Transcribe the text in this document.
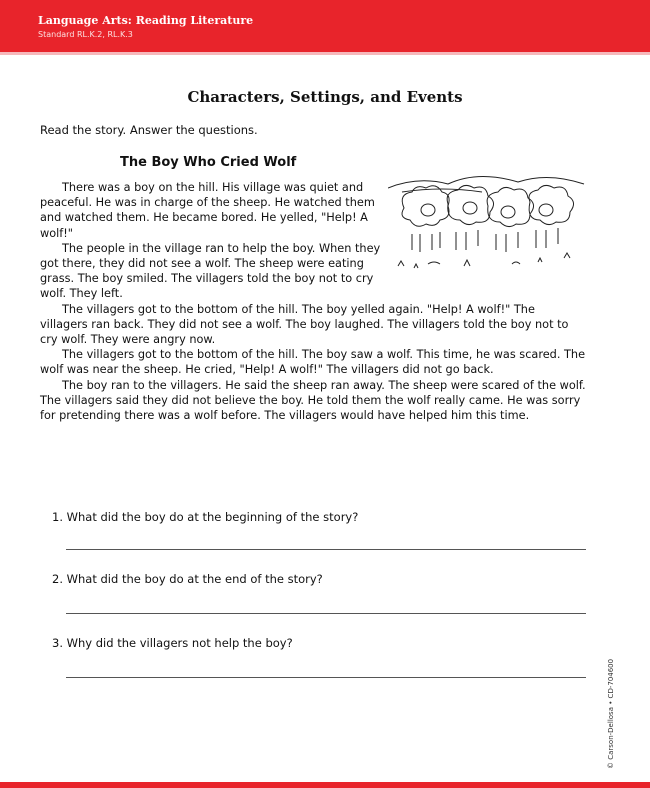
Language Arts: Reading Literature
Standard RL.K.2, RL.K.3
Characters, Settings, and Events
Read the story. Answer the questions.
The Boy Who Cried Wolf

There was a boy on the hill. His village was quiet and peaceful. He was in charge of the sheep. He watched them and watched them. He became bored. He yelled, "Help! A wolf!"

The people in the village ran to help the boy. When they got there, they did not see a wolf. The sheep were eating grass. The boy smiled. The villagers told the boy not to cry wolf. They left.

The villagers got to the bottom of the hill. The boy yelled again. "Help! A wolf!" The villagers ran back. They did not see a wolf. The boy laughed. The villagers told the boy not to cry wolf. They were angry now.

The villagers got to the bottom of the hill. The boy saw a wolf. This time, he was scared. The wolf was near the sheep. He cried, "Help! A wolf!" The villagers did not go back.

The boy ran to the villagers. He said the sheep ran away. The sheep were scared of the wolf. The villagers said they did not believe the boy. He told them the wolf really came. He was sorry for pretending there was a wolf before. The villagers would have helped him this time.

1. What did the boy do at the beginning of the story?
2. What did the boy do at the end of the story?
3. Why did the villagers not help the boy?
© Carson-Dellosa • CD-704600
